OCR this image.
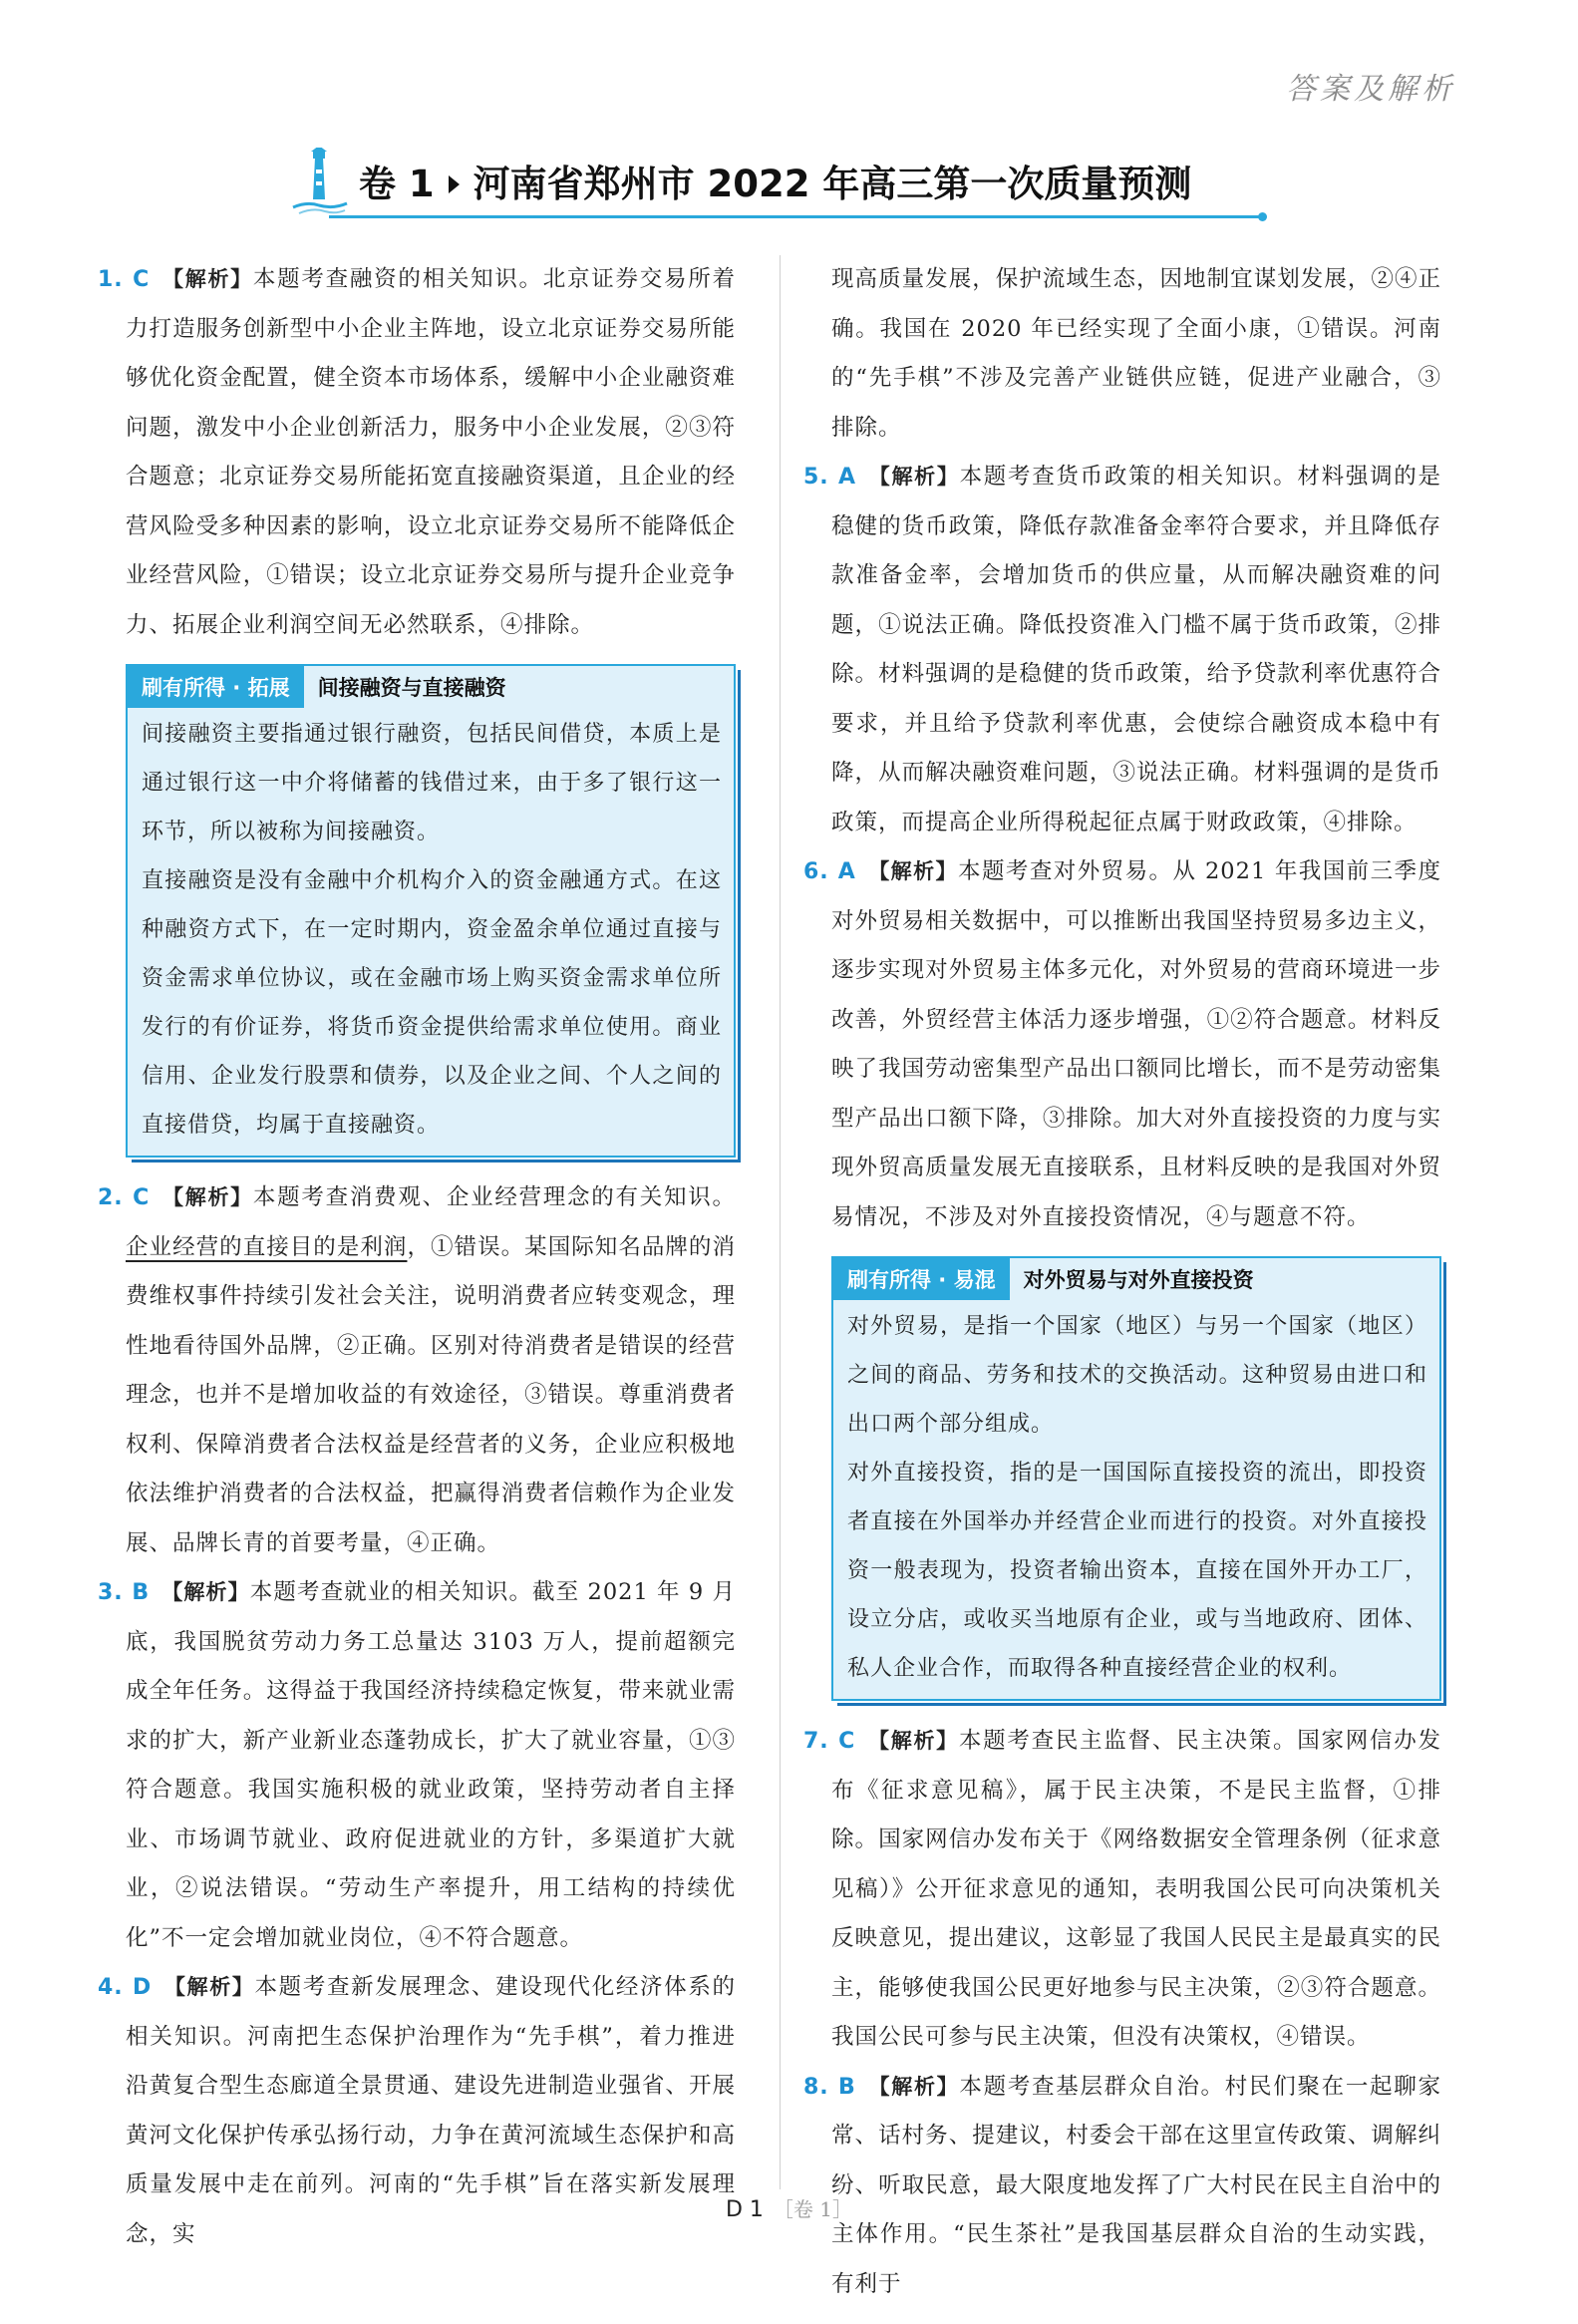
答案及解析
卷 1 河南省郑州市 2022 年高三第一次质量预测

1. C 【解析】本题考查融资的相关知识。北京证券交易所着力打造服务创新型中小企业主阵地，设立北京证券交易所能够优化资金配置，健全资本市场体系，缓解中小企业融资难问题，激发中小企业创新活力，服务中小企业发展，②③符合题意；北京证券交易所能拓宽直接融资渠道，且企业的经营风险受多种因素的影响，设立北京证券交易所不能降低企业经营风险，①错误；设立北京证券交易所与提升企业竞争力、拓展企业利润空间无必然联系，④排除。

刷有所得 · 拓展	间接融资与直接融资

间接融资主要指通过银行融资，包括民间借贷，本质上是通过银行这一中介将储蓄的钱借过来，由于多了银行这一环节，所以被称为间接融资。

直接融资是没有金融中介机构介入的资金融通方式。在这种融资方式下，在一定时期内，资金盈余单位通过直接与资金需求单位协议，或在金融市场上购买资金需求单位所发行的有价证券，将货币资金提供给需求单位使用。商业信用、企业发行股票和债券，以及企业之间、个人之间的直接借贷，均属于直接融资。

2. C 【解析】本题考查消费观、企业经营理念的有关知识。企业经营的直接目的是利润，①错误。某国际知名品牌的消费维权事件持续引发社会关注，说明消费者应转变观念，理性地看待国外品牌，②正确。区别对待消费者是错误的经营理念，也并不是增加收益的有效途径，③错误。尊重消费者权利、保障消费者合法权益是经营者的义务，企业应积极地依法维护消费者的合法权益，把赢得消费者信赖作为企业发展、品牌长青的首要考量，④正确。

3. B 【解析】本题考查就业的相关知识。截至 2021 年 9 月底，我国脱贫劳动力务工总量达 3103 万人，提前超额完成全年任务。这得益于我国经济持续稳定恢复，带来就业需求的扩大，新产业新业态蓬勃成长，扩大了就业容量，①③符合题意。我国实施积极的就业政策，坚持劳动者自主择业、市场调节就业、政府促进就业的方针，多渠道扩大就业，②说法错误。“劳动生产率提升，用工结构的持续优化”不一定会增加就业岗位，④不符合题意。

4. D 【解析】本题考查新发展理念、建设现代化经济体系的相关知识。河南把生态保护治理作为“先手棋”，着力推进沿黄复合型生态廊道全景贯通、建设先进制造业强省、开展黄河文化保护传承弘扬行动，力争在黄河流域生态保护和高质量发展中走在前列。河南的“先手棋”旨在落实新发展理念，实

现高质量发展，保护流域生态，因地制宜谋划发展，②④正确。我国在 2020 年已经实现了全面小康，①错误。河南的“先手棋”不涉及完善产业链供应链，促进产业融合，③排除。

5. A 【解析】本题考查货币政策的相关知识。材料强调的是稳健的货币政策，降低存款准备金率符合要求，并且降低存款准备金率，会增加货币的供应量，从而解决融资难的问题，①说法正确。降低投资准入门槛不属于货币政策，②排除。材料强调的是稳健的货币政策，给予贷款利率优惠符合要求，并且给予贷款利率优惠，会使综合融资成本稳中有降，从而解决融资难问题，③说法正确。材料强调的是货币政策，而提高企业所得税起征点属于财政政策，④排除。

6. A 【解析】本题考查对外贸易。从 2021 年我国前三季度对外贸易相关数据中，可以推断出我国坚持贸易多边主义，逐步实现对外贸易主体多元化，对外贸易的营商环境进一步改善，外贸经营主体活力逐步增强，①②符合题意。材料反映了我国劳动密集型产品出口额同比增长，而不是劳动密集型产品出口额下降，③排除。加大对外直接投资的力度与实现外贸高质量发展无直接联系，且材料反映的是我国对外贸易情况，不涉及对外直接投资情况，④与题意不符。

刷有所得 · 易混	对外贸易与对外直接投资

对外贸易，是指一个国家（地区）与另一个国家（地区）之间的商品、劳务和技术的交换活动。这种贸易由进口和出口两个部分组成。

对外直接投资，指的是一国国际直接投资的流出，即投资者直接在外国举办并经营企业而进行的投资。对外直接投资一般表现为，投资者输出资本，直接在国外开办工厂，设立分店，或收买当地原有企业，或与当地政府、团体、私人企业合作，而取得各种直接经营企业的权利。

7. C 【解析】本题考查民主监督、民主决策。国家网信办发布《征求意见稿》，属于民主决策，不是民主监督，①排除。国家网信办发布关于《网络数据安全管理条例（征求意见稿）》公开征求意见的通知，表明我国公民可向决策机关反映意见，提出建议，这彰显了我国人民民主是最真实的民主，能够使我国公民更好地参与民主决策，②③符合题意。我国公民可参与民主决策，但没有决策权，④错误。

8. B 【解析】本题考查基层群众自治。村民们聚在一起聊家常、话村务、提建议，村委会干部在这里宣传政策、调解纠纷、听取民意，最大限度地发挥了广大村民在民主自治中的主体作用。“民生茶社”是我国基层群众自治的生动实践，有利于

D 1 ［卷 1］
